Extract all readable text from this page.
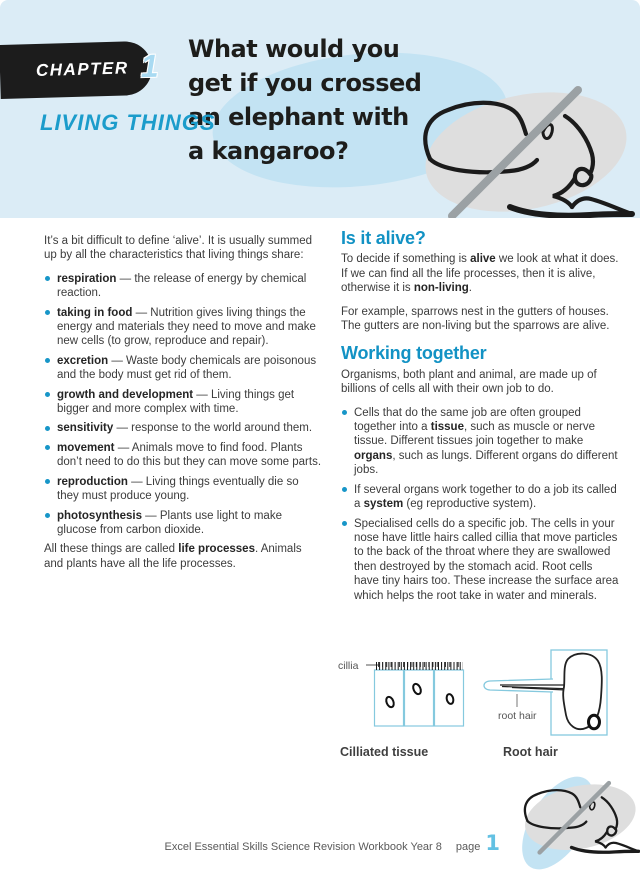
What would you
get if you crossed
an elephant with
a kangaroo?
CHAPTER 1
LIVING THINGS

It’s a bit difficult to define ‘alive’. It is usually summed up by all the characteristics that living things share:

respiration — the release of energy by chemical reaction.
taking in food — Nutrition gives living things the energy and materials they need to move and make new cells (to grow, reproduce and repair).
excretion — Waste body chemicals are poisonous and the body must get rid of them.
growth and development — Living things get bigger and more complex with time.
sensitivity — response to the world around them.
movement — Animals move to find food. Plants don’t need to do this but they can move some parts.
reproduction — Living things eventually die so they must produce young.
photosynthesis — Plants use light to make glucose from carbon dioxide.

All these things are called life processes. Animals and plants have all the life processes.

Is it alive?

To decide if something is alive we look at what it does. If we can find all the life processes, then it is alive, otherwise it is non-living.

For example, sparrows nest in the gutters of houses. The gutters are non-living but the sparrows are alive.

Working together

Organisms, both plant and animal, are made up of billions of cells all with their own job to do.

Cells that do the same job are often grouped together into a tissue, such as muscle or nerve tissue. Different tissues join together to make organs, such as lungs. Different organs do different jobs.
If several organs work together to do a job its called a system (eg reproductive system).
Specialised cells do a specific job. The cells in your nose have little hairs called cillia that move particles to the back of the throat where they are swallowed then destroyed by the stomach acid. Root cells have tiny hairs too. These increase the surface area which helps the root take in water and minerals.
cillia
root hair
Cilliated tissue	Root hair
Excel Essential Skills Science Revision Workbook Year 8 page 1
